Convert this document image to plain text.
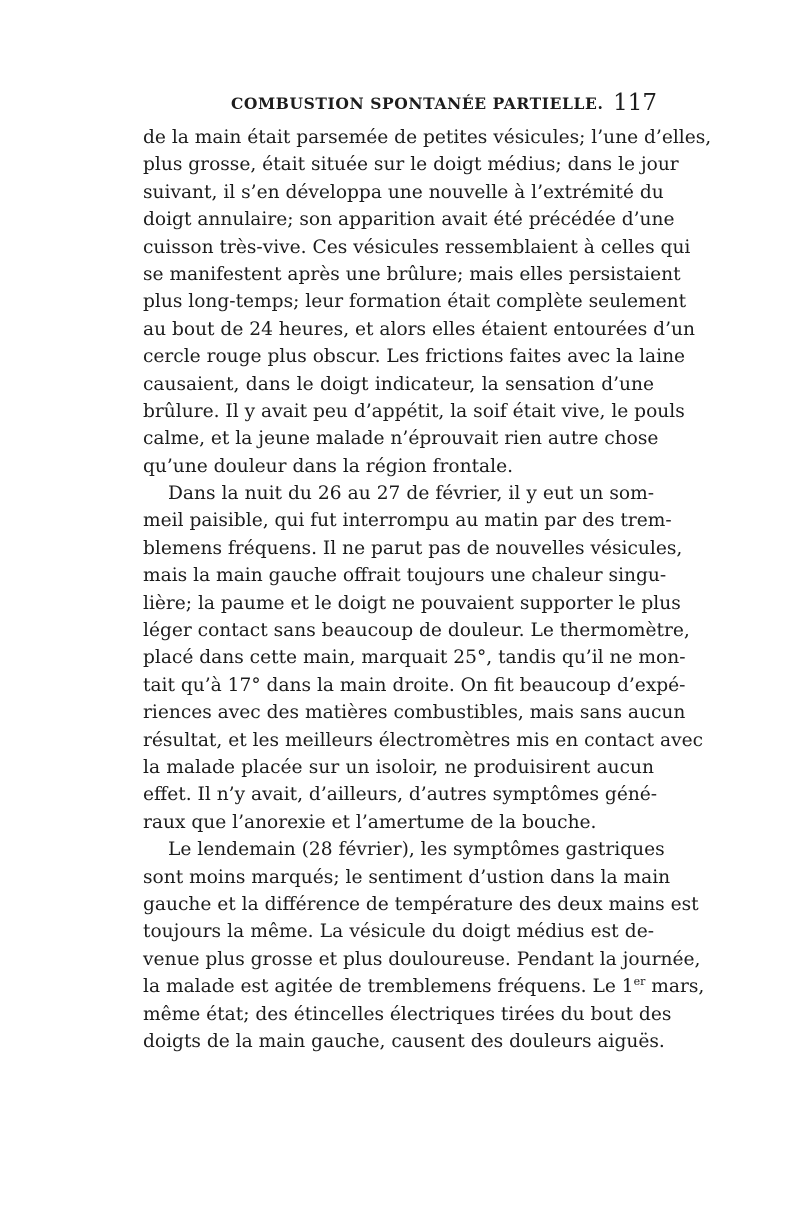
COMBUSTION SPONTANÉE PARTIELLE. 117
de la main était parsemée de petites vésicules; l’une d’elles,
plus grosse, était située sur le doigt médius; dans le jour
suivant, il s’en développa une nouvelle à l’extrémité du
doigt annulaire; son apparition avait été précédée d’une
cuisson très-vive. Ces vésicules ressemblaient à celles qui
se manifestent après une brûlure; mais elles persistaient
plus long-temps; leur formation était complète seulement
au bout de 24 heures, et alors elles étaient entourées d’un
cercle rouge plus obscur. Les frictions faites avec la laine
causaient, dans le doigt indicateur, la sensation d’une
brûlure. Il y avait peu d’appétit, la soif était vive, le pouls
calme, et la jeune malade n’éprouvait rien autre chose
qu’une douleur dans la région frontale.
Dans la nuit du 26 au 27 de février, il y eut un som-
meil paisible, qui fut interrompu au matin par des trem-
blemens fréquens. Il ne parut pas de nouvelles vésicules,
mais la main gauche offrait toujours une chaleur singu-
lière; la paume et le doigt ne pouvaient supporter le plus
léger contact sans beaucoup de douleur. Le thermomètre,
placé dans cette main, marquait 25°, tandis qu’il ne mon-
tait qu’à 17° dans la main droite. On fit beaucoup d’expé-
riences avec des matières combustibles, mais sans aucun
résultat, et les meilleurs électromètres mis en contact avec
la malade placée sur un isoloir, ne produisirent aucun
effet. Il n’y avait, d’ailleurs, d’autres symptômes géné-
raux que l’anorexie et l’amertume de la bouche.
Le lendemain (28 février), les symptômes gastriques
sont moins marqués; le sentiment d’ustion dans la main
gauche et la différence de température des deux mains est
toujours la même. La vésicule du doigt médius est de-
venue plus grosse et plus douloureuse. Pendant la journée,
la malade est agitée de tremblemens fréquens. Le 1er mars,
même état; des étincelles électriques tirées du bout des
doigts de la main gauche, causent des douleurs aiguës.
